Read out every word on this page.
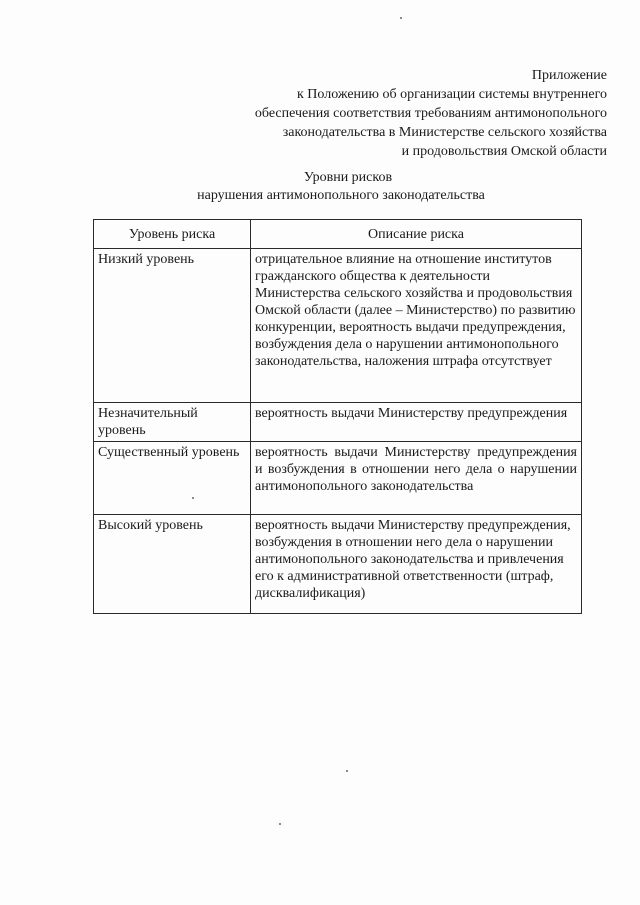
Приложение
к Положению об организации системы внутреннего
обеспечения соответствия требованиям антимонопольного
законодательства в Министерстве сельского хозяйства
и продовольствия Омской области
Уровни рисков
нарушения антимонопольного законодательства
Уровень риска	Описание риска
Низкий уровень	отрицательное влияние на отношение институтов гражданского общества к деятельности Министерства сельского хозяйства и продовольствия Омской области (далее – Министерство) по развитию конкуренции, вероятность выдачи предупреждения, возбуждения дела о нарушении антимонопольного законодательства, наложения штрафа отсутствует
Незначительный уровень	вероятность выдачи Министерству предупреждения
Существенный уровень	вероятность выдачи Министерству предупреждения и возбуждения в отношении него дела о нарушении антимонопольного законодательства
Высокий уровень	вероятность выдачи Министерству предупреждения, возбуждения в отношении него дела о нарушении антимонопольного законодательства и привлечения его к административной ответственности (штраф, дисквалификация)
